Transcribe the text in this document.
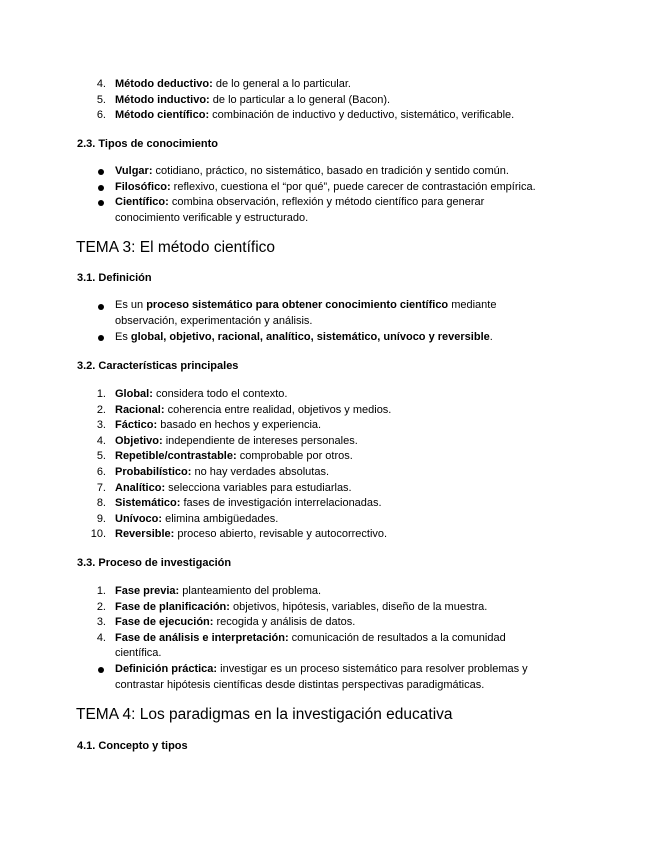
4. Método deductivo: de lo general a lo particular.
5. Método inductivo: de lo particular a lo general (Bacon).
6. Método científico: combinación de inductivo y deductivo, sistemático, verificable.
2.3. Tipos de conocimiento
Vulgar: cotidiano, práctico, no sistemático, basado en tradición y sentido común.
Filosófico: reflexivo, cuestiona el “por qué”, puede carecer de contrastación empírica.
Científico: combina observación, reflexión y método científico para generar
conocimiento verificable y estructurado.
TEMA 3: El método científico
3.1. Definición
Es un proceso sistemático para obtener conocimiento científico mediante
observación, experimentación y análisis.
Es global, objetivo, racional, analítico, sistemático, unívoco y reversible.
3.2. Características principales
1. Global: considera todo el contexto.
2. Racional: coherencia entre realidad, objetivos y medios.
3. Fáctico: basado en hechos y experiencia.
4. Objetivo: independiente de intereses personales.
5. Repetible/contrastable: comprobable por otros.
6. Probabilístico: no hay verdades absolutas.
7. Analítico: selecciona variables para estudiarlas.
8. Sistemático: fases de investigación interrelacionadas.
9. Unívoco: elimina ambigüedades.
10. Reversible: proceso abierto, revisable y autocorrectivo.
3.3. Proceso de investigación
1. Fase previa: planteamiento del problema.
2. Fase de planificación: objetivos, hipótesis, variables, diseño de la muestra.
3. Fase de ejecución: recogida y análisis de datos.
4. Fase de análisis e interpretación: comunicación de resultados a la comunidad
científica.
Definición práctica: investigar es un proceso sistemático para resolver problemas y
contrastar hipótesis científicas desde distintas perspectivas paradigmáticas.
TEMA 4: Los paradigmas en la investigación educativa
4.1. Concepto y tipos
